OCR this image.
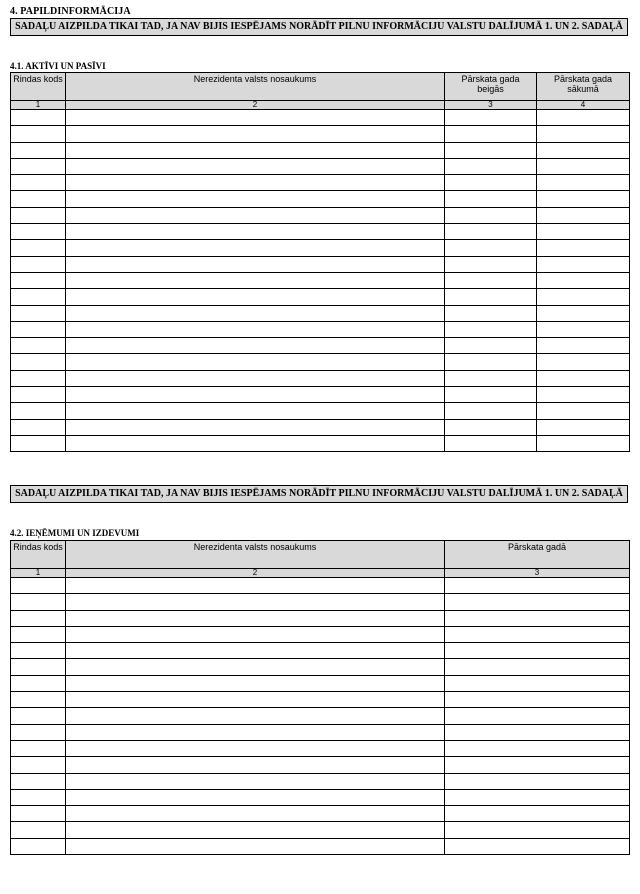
4. PAPILDINFORMĀCIJA
SADAĻU AIZPILDA TIKAI TAD, JA NAV BIJIS IESPĒJAMS NORĀDĪT PILNU INFORMĀCIJU VALSTU DALĪJUMĀ 1. UN 2. SADAĻĀ
4.1. AKTĪVI UN PASĪVI
Rindas kods	Nerezidenta valsts nosaukums	Pārskata gada beigās	Pārskata gada sākumā
1	2	3	4

SADAĻU AIZPILDA TIKAI TAD, JA NAV BIJIS IESPĒJAMS NORĀDĪT PILNU INFORMĀCIJU VALSTU DALĪJUMĀ 1. UN 2. SADAĻĀ
4.2. IEŅĒMUMI UN IZDEVUMI
Rindas kods	Nerezidenta valsts nosaukums	Pārskata gadā
1	2	3
